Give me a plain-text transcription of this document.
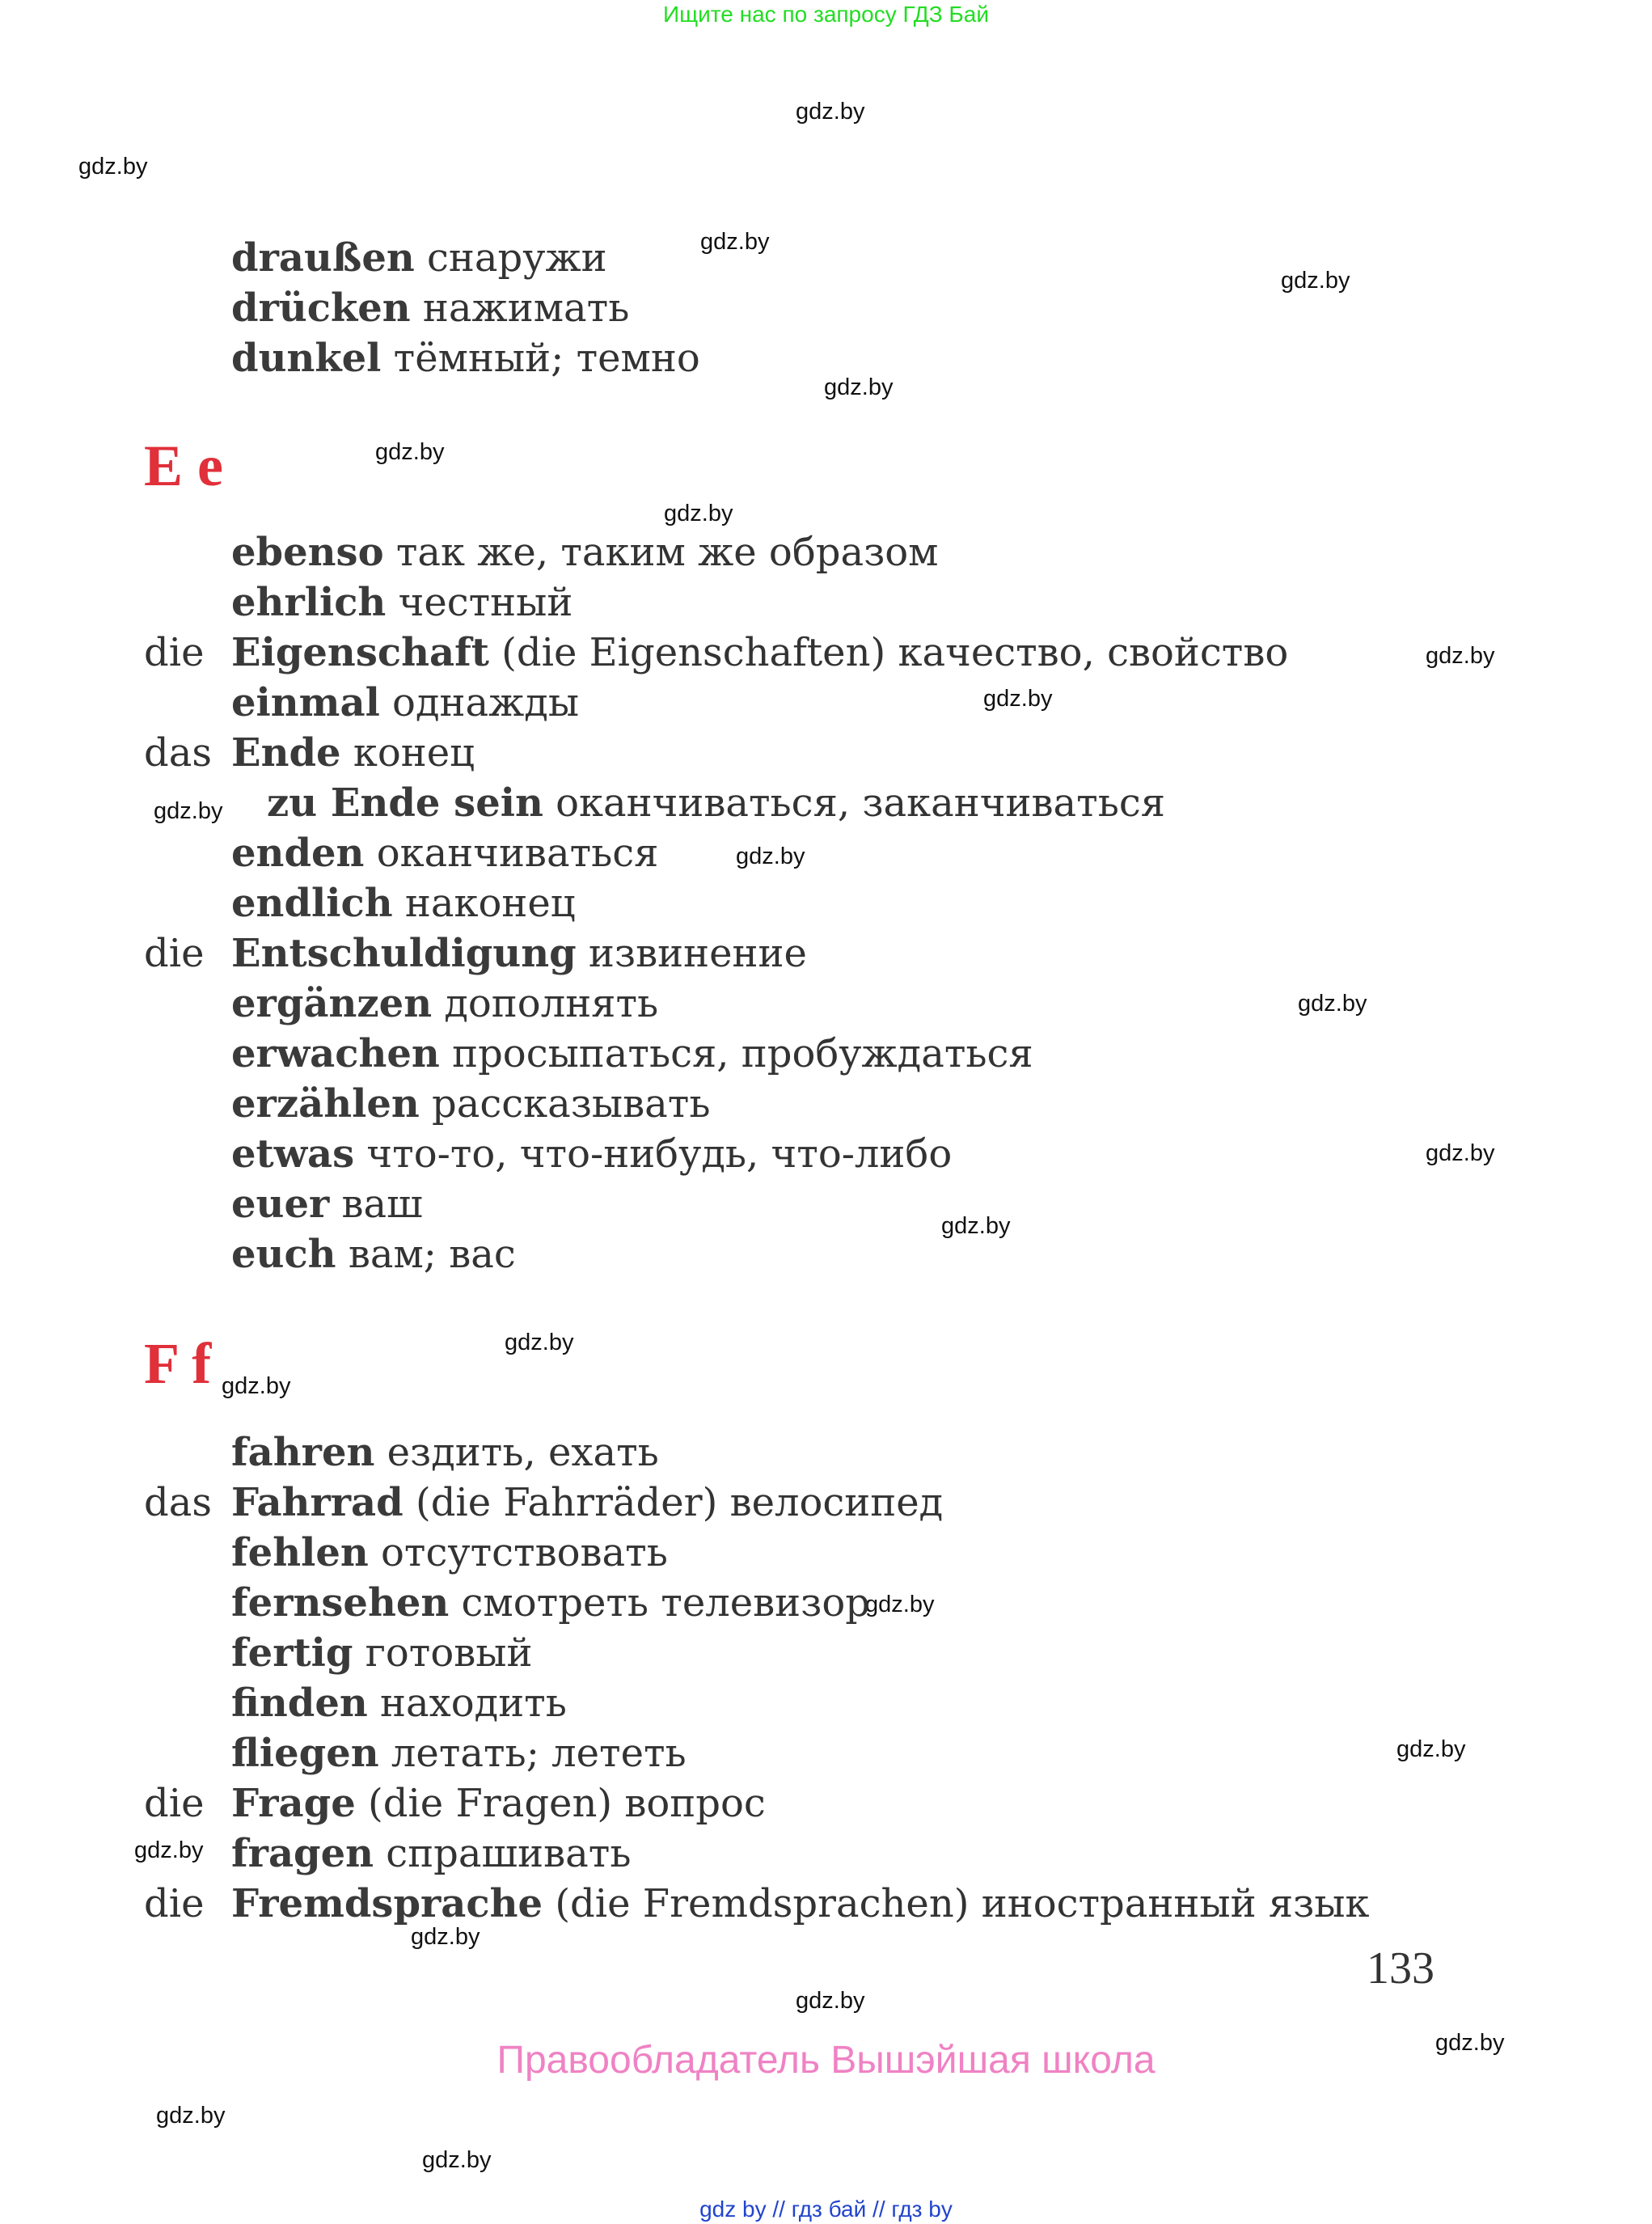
Ищите нас по запросу ГДЗ Бай
gdz.by
gdz.by
gdz.by
gdz.by
gdz.by
gdz.by
gdz.by
gdz.by
gdz.by
gdz.by
gdz.by
gdz.by
gdz.by
gdz.by
gdz.by
gdz.by
gdz.by
gdz.by
gdz.by
gdz.by
gdz.by
gdz.by
gdz.by
gdz.by
draußen снаружи
drücken нажимать
dunkel тёмный; темно
E e
ebenso так же, таким же образом
ehrlich честный
die Eigenschaft (die Eigenschaften) качество, свойство
einmal однажды
das Ende конец
zu Ende sein оканчиваться, заканчиваться
enden оканчиваться
endlich наконец
die Entschuldigung извинение
ergänzen дополнять
erwachen просыпаться, пробуждаться
erzählen рассказывать
etwas что-то, что-нибудь, что-либо
euer ваш
euch вам; вас
F f
fahren ездить, ехать
das Fahrrad (die Fahrräder) велосипед
fehlen отсутствовать
fernsehen смотреть телевизор
fertig готовый
finden находить
fliegen летать; лететь
die Frage (die Fragen) вопрос
fragen спрашивать
die Fremdsprache (die Fremdsprachen) иностранный язык
133
Правообладатель Вышэйшая школа
gdz by // гдз бай // гдз by
